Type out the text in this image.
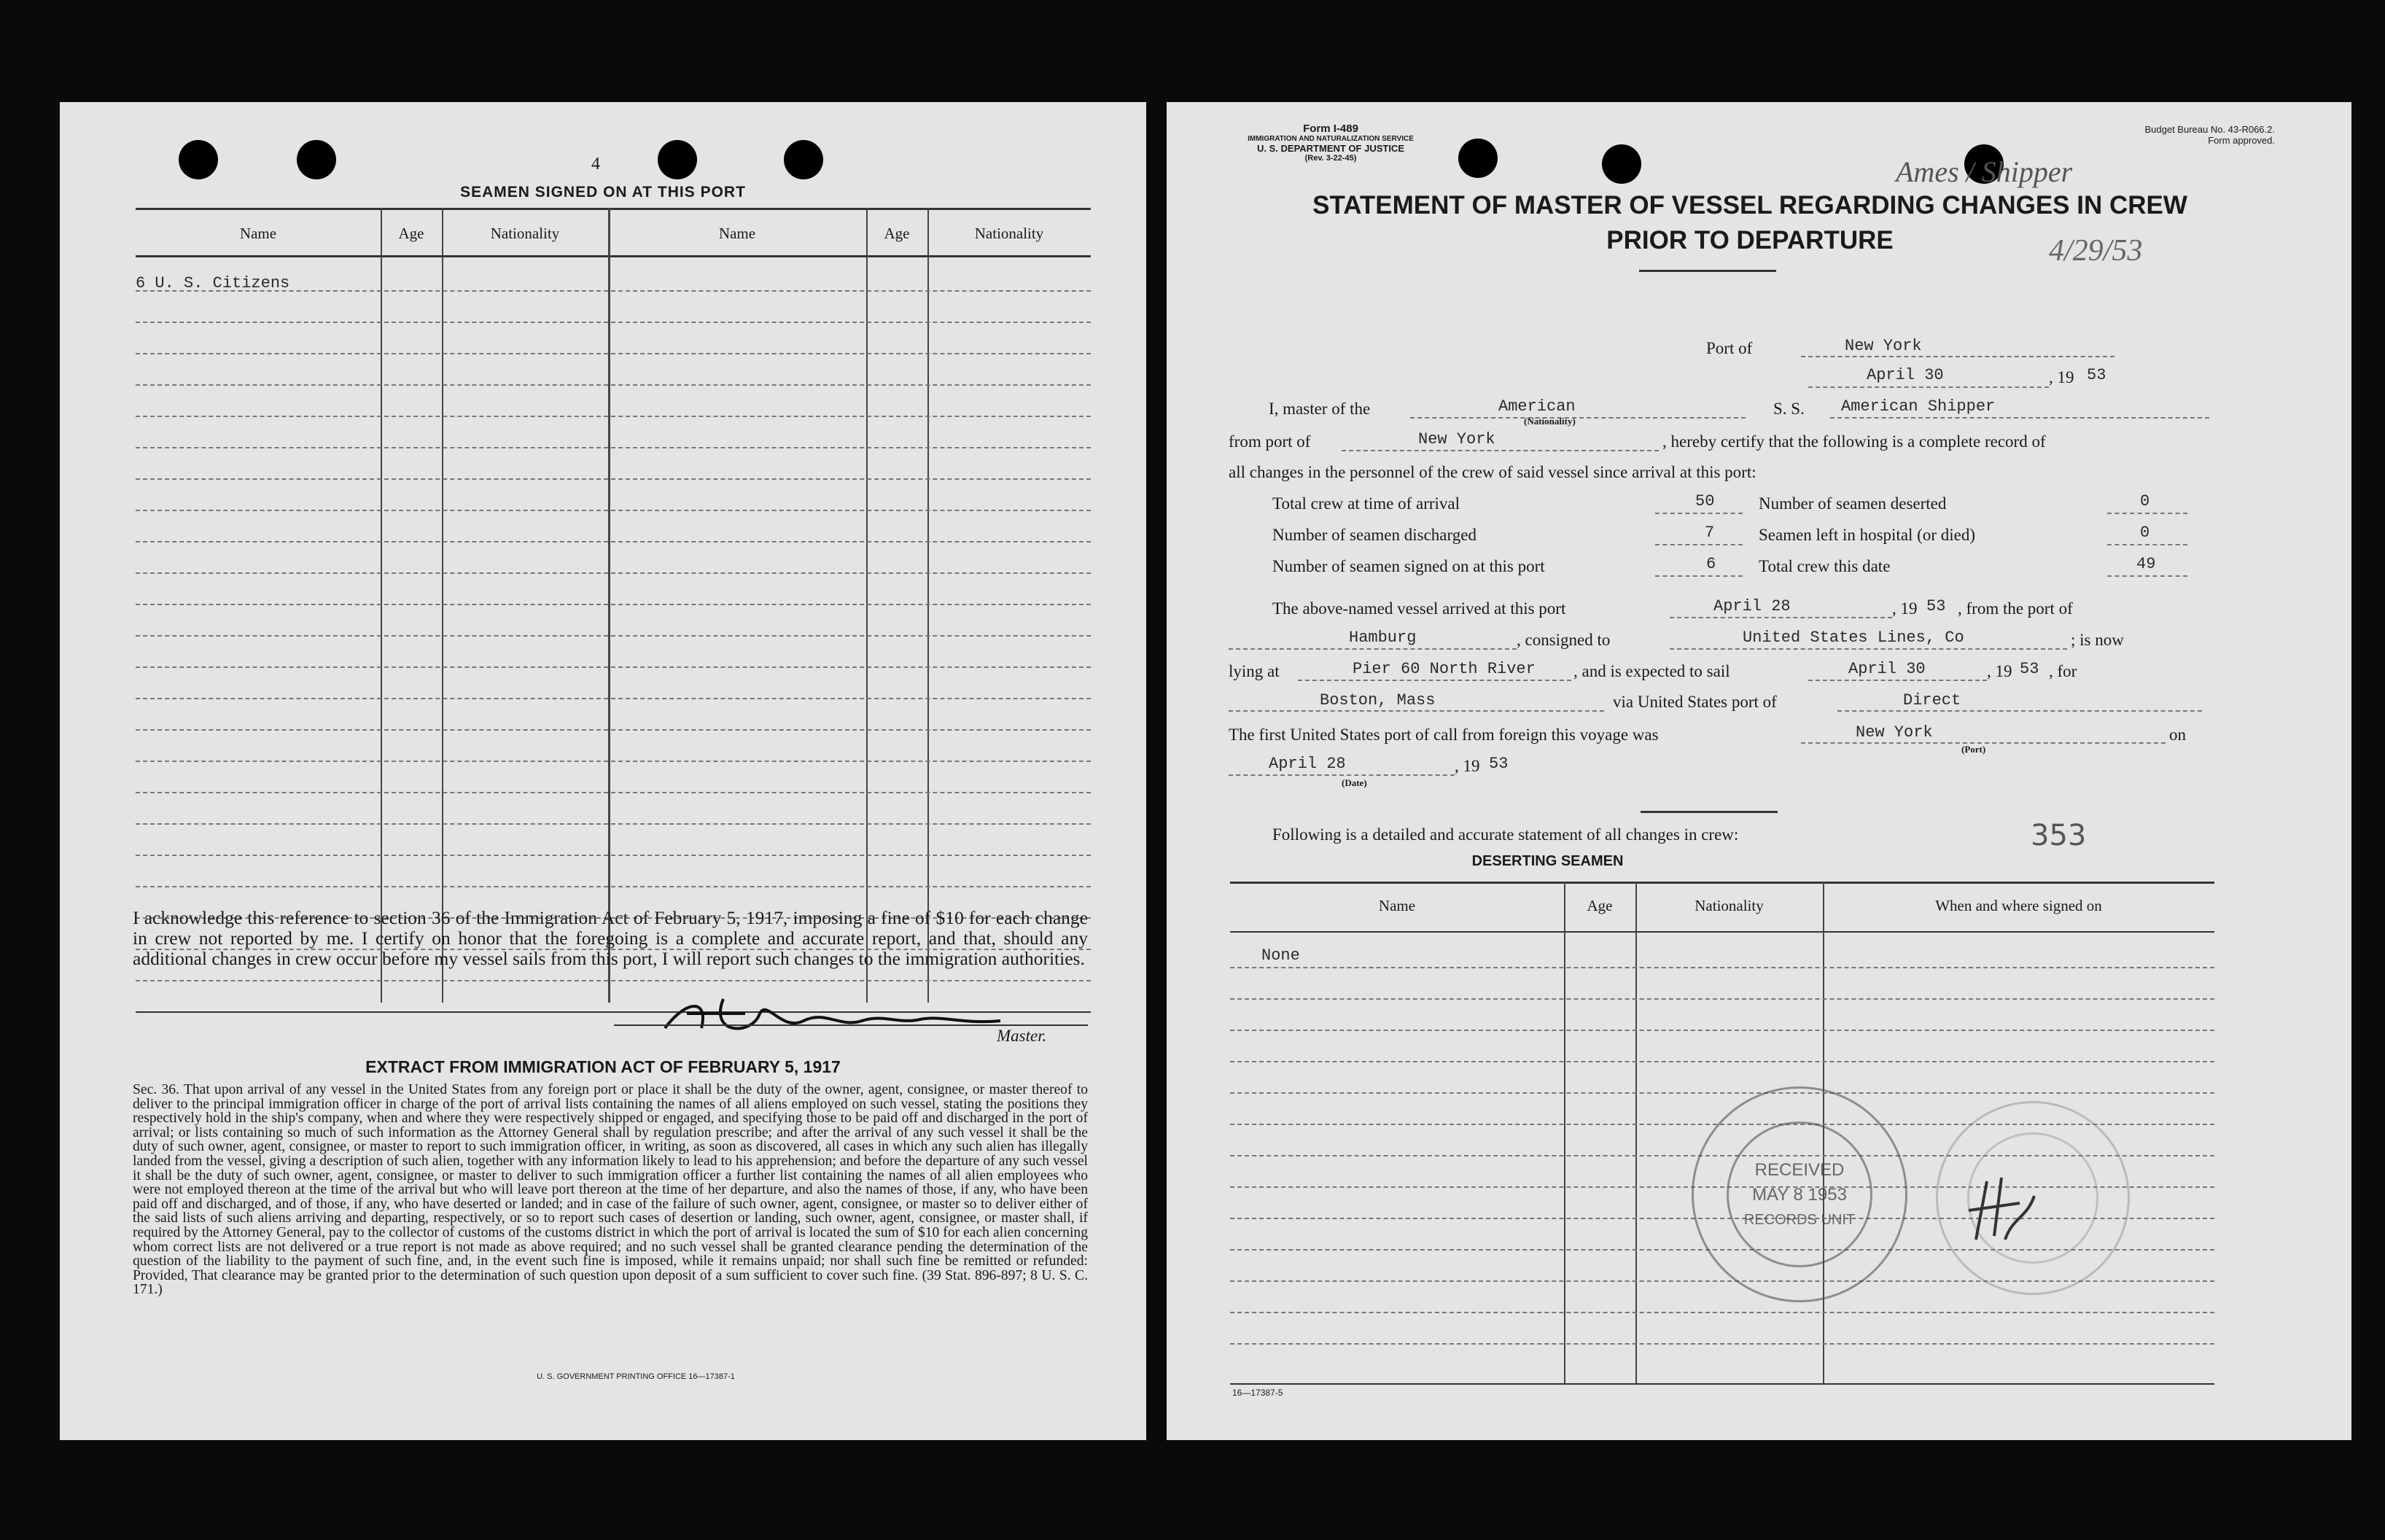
4
SEAMEN SIGNED ON AT THIS PORT
Name	Age	Nationality	Name	Age	Nationality
6 U. S. Citizens
I acknowledge this reference to section 36 of the Immigration Act of February 5, 1917, imposing a fine of $10 for each change in crew not reported by me. I certify on honor that the foregoing is a complete and accurate report, and that, should any additional changes in crew occur before my vessel sails from this port, I will report such changes to the immigration authorities.
Master.
EXTRACT FROM IMMIGRATION ACT OF FEBRUARY 5, 1917
Sec. 36. That upon arrival of any vessel in the United States from any foreign port or place it shall be the duty of the owner, agent, consignee, or master thereof to deliver to the principal immigration officer in charge of the port of arrival lists containing the names of all aliens employed on such vessel, stating the positions they respectively hold in the ship's company, when and where they were respectively shipped or engaged, and specifying those to be paid off and discharged in the port of arrival; or lists containing so much of such information as the Attorney General shall by regulation prescribe; and after the arrival of any such vessel it shall be the duty of such owner, agent, consignee, or master to report to such immigration officer, in writing, as soon as discovered, all cases in which any such alien has illegally landed from the vessel, giving a description of such alien, together with any information likely to lead to his apprehension; and before the departure of any such vessel it shall be the duty of such owner, agent, consignee, or master to deliver to such immigration officer a further list containing the names of all alien employees who were not employed thereon at the time of the arrival but who will leave port thereon at the time of her departure, and also the names of those, if any, who have been paid off and discharged, and of those, if any, who have deserted or landed; and in case of the failure of such owner, agent, consignee, or master so to deliver either of the said lists of such aliens arriving and departing, respectively, or so to report such cases of desertion or landing, such owner, agent, consignee, or master shall, if required by the Attorney General, pay to the collector of customs of the customs district in which the port of arrival is located the sum of $10 for each alien concerning whom correct lists are not delivered or a true report is not made as above required; and no such vessel shall be granted clearance pending the determination of the question of the liability to the payment of such fine, and, in the event such fine is imposed, while it remains unpaid; nor shall such fine be remitted or refunded: Provided, That clearance may be granted prior to the determination of such question upon deposit of a sum sufficient to cover such fine. (39 Stat. 896-897; 8 U. S. C. 171.)
U. S. GOVERNMENT PRINTING OFFICE 16—17387-1
Form I-489
IMMIGRATION AND NATURALIZATION SERVICE
U. S. DEPARTMENT OF JUSTICE
(Rev. 3-22-45)
Budget Bureau No. 43-R066.2.
Form approved.
Ames / Shipper
4/29/53
STATEMENT OF MASTER OF VESSEL REGARDING CHANGES IN CREW
PRIOR TO DEPARTURE
Port of	New York
April 30	, 19 53
I, master of the	American
(Nationality)
S. S. American Shipper
from port of	New York	, hereby certify that the following is a complete record of
all changes in the personnel of the crew of said vessel since arrival at this port:
Total crew at time of arrival	50	Number of seamen deserted	0
Number of seamen discharged	7	Seamen left in hospital (or died)	0
Number of seamen signed on at this port	6	Total crew this date	49
The above-named vessel arrived at this port	April 28	, 19 53 , from the port of
Hamburg	, consigned to	United States Lines, Co	; is now
lying at	Pier 60 North River , and is expected to sail	April 30	, 19 53 , for
Boston, Mass	via United States port of	Direct
The first United States port of call from foreign this voyage was	New York
(Port)
on
April 28
(Date)
, 19 53
Following is a detailed and accurate statement of all changes in crew:	353
DESERTING SEAMEN
Name	Age	Nationality	When and where signed on
None
RECEIVED
MAY 8 1953
RECORDS UNIT
16—17387-5
